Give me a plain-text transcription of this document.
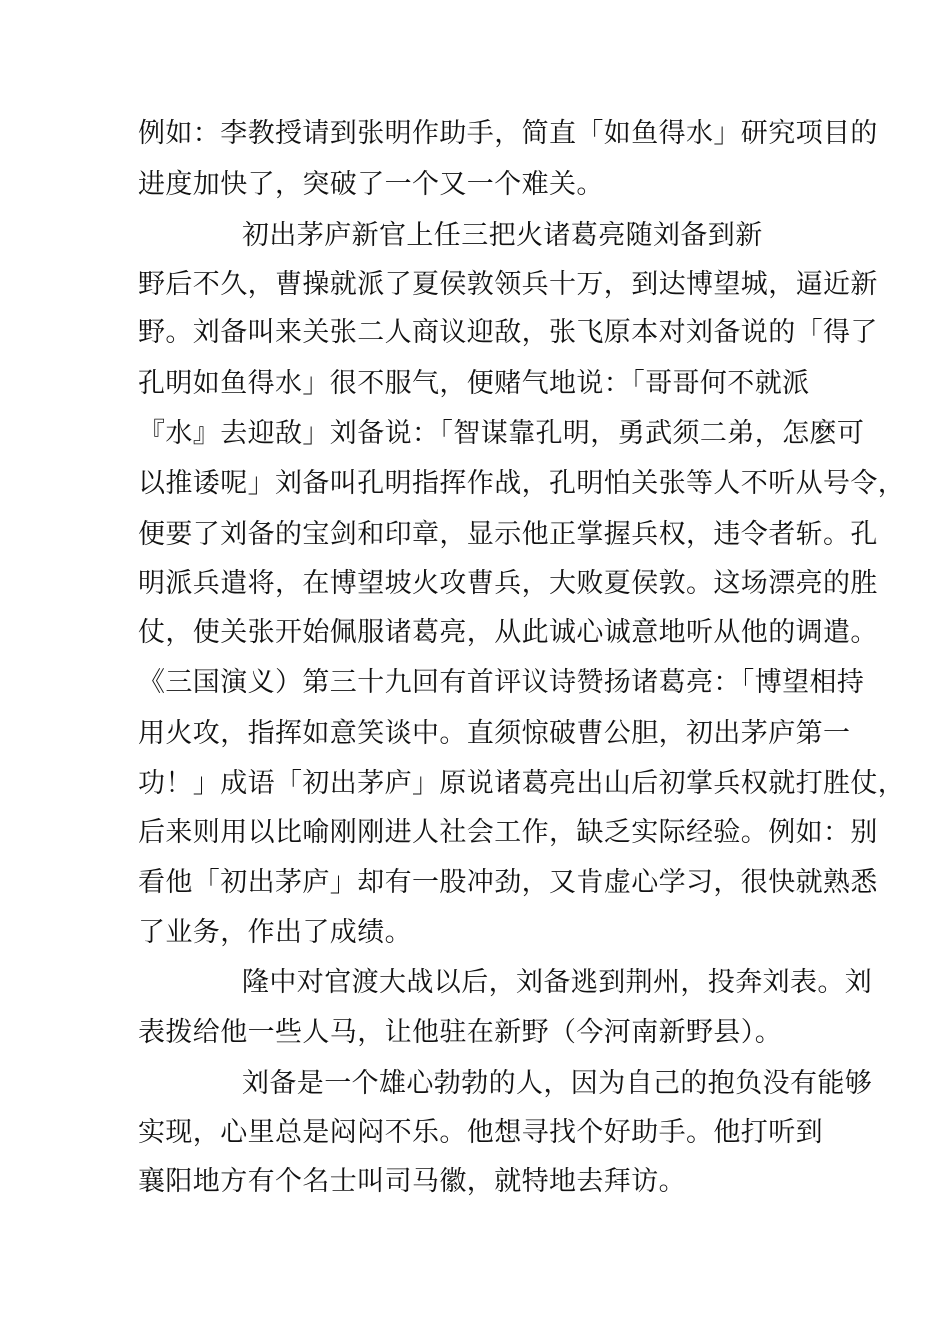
例如：李教授请到张明作助手，简直「如鱼得水」研究项目的

进度加快了，突破了一个又一个难关。

初出茅庐新官上任三把火诸葛亮随刘备到新

野后不久，曹操就派了夏侯敦领兵十万，到达博望城，逼近新

野。刘备叫来关张二人商议迎敌，张飞原本对刘备说的「得了

孔明如鱼得水」很不服气，便赌气地说：「哥哥何不就派

『水』去迎敌」刘备说：「智谋靠孔明，勇武须二弟，怎麽可

以推诿呢」刘备叫孔明指挥作战，孔明怕关张等人不听从号令，

便要了刘备的宝剑和印章，显示他正掌握兵权，违令者斩。孔

明派兵遣将，在博望坡火攻曹兵，大败夏侯敦。这场漂亮的胜

仗，使关张开始佩服诸葛亮，从此诚心诚意地听从他的调遣。

《三国演义）第三十九回有首评议诗赞扬诸葛亮：「博望相持

用火攻，指挥如意笑谈中。直须惊破曹公胆，初出茅庐第一

功！」成语「初出茅庐」原说诸葛亮出山后初掌兵权就打胜仗，

后来则用以比喻刚刚进人社会工作，缺乏实际经验。例如：别

看他「初出茅庐」却有一股冲劲，又肯虚心学习，很快就熟悉

了业务，作出了成绩。

隆中对官渡大战以后，刘备逃到荆州，投奔刘表。刘

表拨给他一些人马，让他驻在新野（今河南新野县）。

刘备是一个雄心勃勃的人，因为自己的抱负没有能够

实现，心里总是闷闷不乐。他想寻找个好助手。他打听到

襄阳地方有个名士叫司马徽，就特地去拜访。
